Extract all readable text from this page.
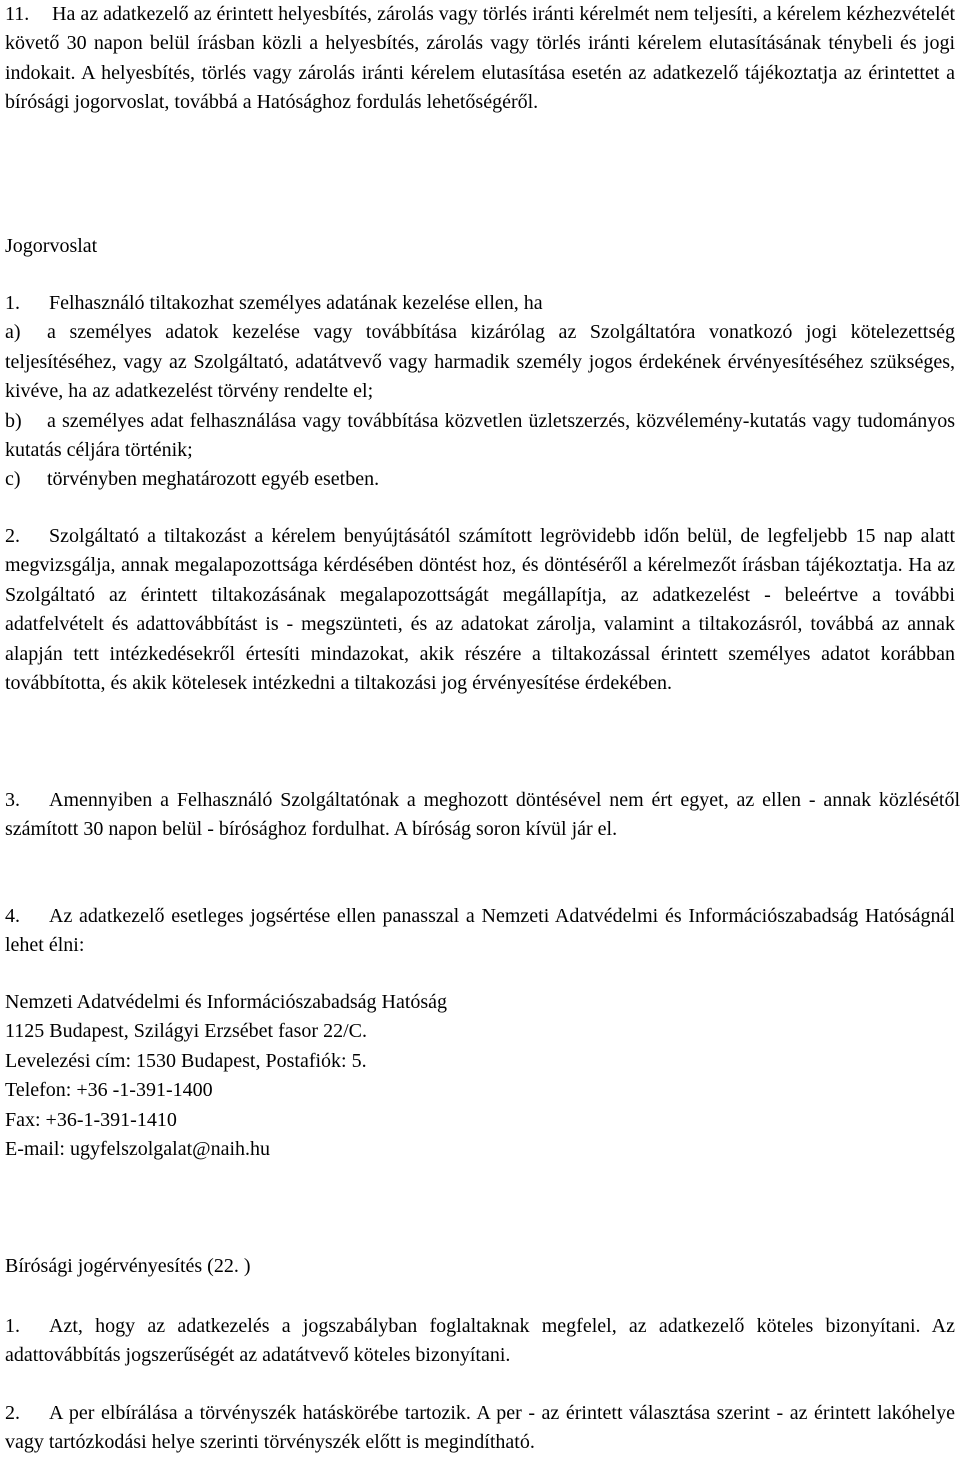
11. Ha az adatkezelő az érintett helyesbítés, zárolás vagy törlés iránti kérelmét nem teljesíti, a kérelem kézhezvételét követő 30 napon belül írásban közli a helyesbítés, zárolás vagy törlés iránti kérelem elutasításának ténybeli és jogi indokait. A helyesbítés, törlés vagy zárolás iránti kérelem elutasítása esetén az adatkezelő tájékoztatja az érintettet a bírósági jogorvoslat, továbbá a Hatósághoz fordulás lehetőségéről.

Jogorvoslat

1. Felhasználó tiltakozhat személyes adatának kezelése ellen, ha

a) a személyes adatok kezelése vagy továbbítása kizárólag az Szolgáltatóra vonatkozó jogi kötelezettség teljesítéséhez, vagy az Szolgáltató, adatátvevő vagy harmadik személy jogos érdekének érvényesítéséhez szükséges, kivéve, ha az adatkezelést törvény rendelte el;

b) a személyes adat felhasználása vagy továbbítása közvetlen üzletszerzés, közvélemény-kutatás vagy tudományos kutatás céljára történik;

c) törvényben meghatározott egyéb esetben.

2. Szolgáltató a tiltakozást a kérelem benyújtásától számított legrövidebb időn belül, de legfeljebb 15 nap alatt megvizsgálja, annak megalapozottsága kérdésében döntést hoz, és döntéséről a kérelmezőt írásban tájékoztatja. Ha az Szolgáltató az érintett tiltakozásának megalapozottságát megállapítja, az adatkezelést - beleértve a további adatfelvételt és adattovábbítást is - megszünteti, és az adatokat zárolja, valamint a tiltakozásról, továbbá az annak alapján tett intézkedésekről értesíti mindazokat, akik részére a tiltakozással érintett személyes adatot korábban továbbította, és akik kötelesek intézkedni a tiltakozási jog érvényesítése érdekében.

3. Amennyiben a Felhasználó Szolgáltatónak a meghozott döntésével nem ért egyet, az ellen - annak közlésétől számított 30 napon belül - bírósághoz fordulhat. A bíróság soron kívül jár el.

4. Az adatkezelő esetleges jogsértése ellen panasszal a Nemzeti Adatvédelmi és Információszabadság Hatóságnál lehet élni:

Nemzeti Adatvédelmi és Információszabadság Hatóság

1125 Budapest, Szilágyi Erzsébet fasor 22/C.

Levelezési cím: 1530 Budapest, Postafiók: 5.

Telefon: +36 -1-391-1400

Fax: +36-1-391-1410

E-mail: ugyfelszolgalat@naih.hu

Bírósági jogérvényesítés (22. )

1. Azt, hogy az adatkezelés a jogszabályban foglaltaknak megfelel, az adatkezelő köteles bizonyítani. Az adattovábbítás jogszerűségét az adatátvevő köteles bizonyítani.

2. A per elbírálása a törvényszék hatáskörébe tartozik. A per - az érintett választása szerint - az érintett lakóhelye vagy tartózkodási helye szerinti törvényszék előtt is megindítható.
